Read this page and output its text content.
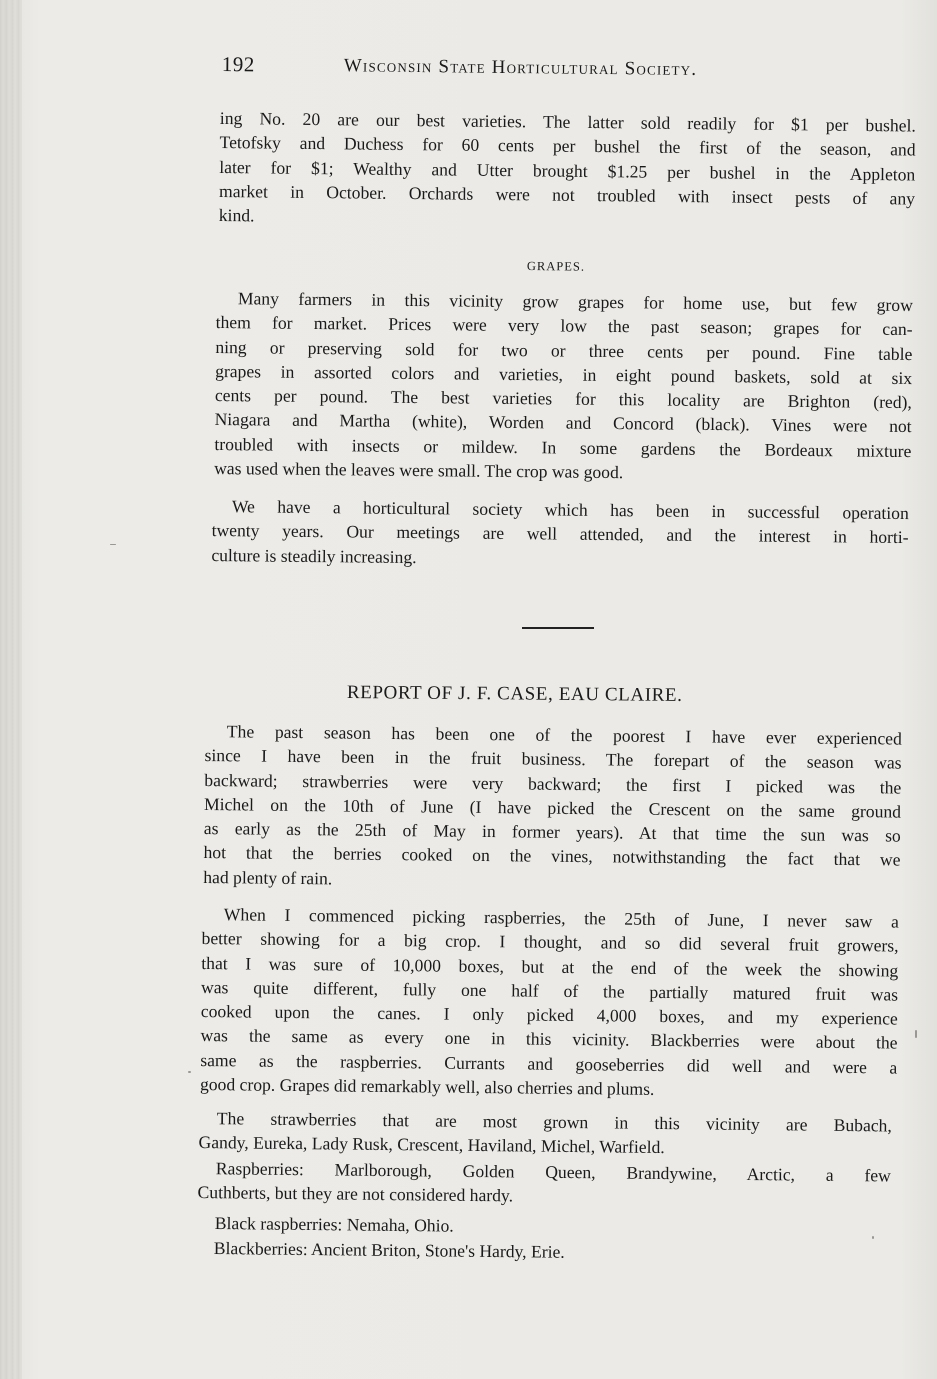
192	Wisconsin State Horticultural Society.
ing No. 20 are our best varieties. The latter sold readily for $1 per bushel.
Tetofsky and Duchess for 60 cents per bushel the first of the season, and
later for $1; Wealthy and Utter brought $1.25 per bushel in the Appleton
market in October. Orchards were not troubled with insect pests of any
kind.
GRAPES.
Many farmers in this vicinity grow grapes for home use, but few grow
them for market. Prices were very low the past season; grapes for can-
ning or preserving sold for two or three cents per pound. Fine table
grapes in assorted colors and varieties, in eight pound baskets, sold at six
cents per pound. The best varieties for this locality are Brighton (red),
Niagara and Martha (white), Worden and Concord (black). Vines were not
troubled with insects or mildew. In some gardens the Bordeaux mixture
was used when the leaves were small. The crop was good.
We have a horticultural society which has been in successful operation
twenty years. Our meetings are well attended, and the interest in horti-
culture is steadily increasing.
REPORT OF J. F. CASE, EAU CLAIRE.
The past season has been one of the poorest I have ever experienced
since I have been in the fruit business. The forepart of the season was
backward; strawberries were very backward; the first I picked was the
Michel on the 10th of June (I have picked the Crescent on the same ground
as early as the 25th of May in former years). At that time the sun was so
hot that the berries cooked on the vines, notwithstanding the fact that we
had plenty of rain.
When I commenced picking raspberries, the 25th of June, I never saw a
better showing for a big crop. I thought, and so did several fruit growers,
that I was sure of 10,000 boxes, but at the end of the week the showing
was quite different, fully one half of the partially matured fruit was
cooked upon the canes. I only picked 4,000 boxes, and my experience
was the same as every one in this vicinity. Blackberries were about the
same as the raspberries. Currants and gooseberries did well and were a
good crop. Grapes did remarkably well, also cherries and plums.
The strawberries that are most grown in this vicinity are Bubach,
Gandy, Eureka, Lady Rusk, Crescent, Haviland, Michel, Warfield.
Raspberries: Marlborough, Golden Queen, Brandywine, Arctic, a few
Cuthberts, but they are not considered hardy.
Black raspberries: Nemaha, Ohio.
Blackberries: Ancient Briton, Stone's Hardy, Erie.
